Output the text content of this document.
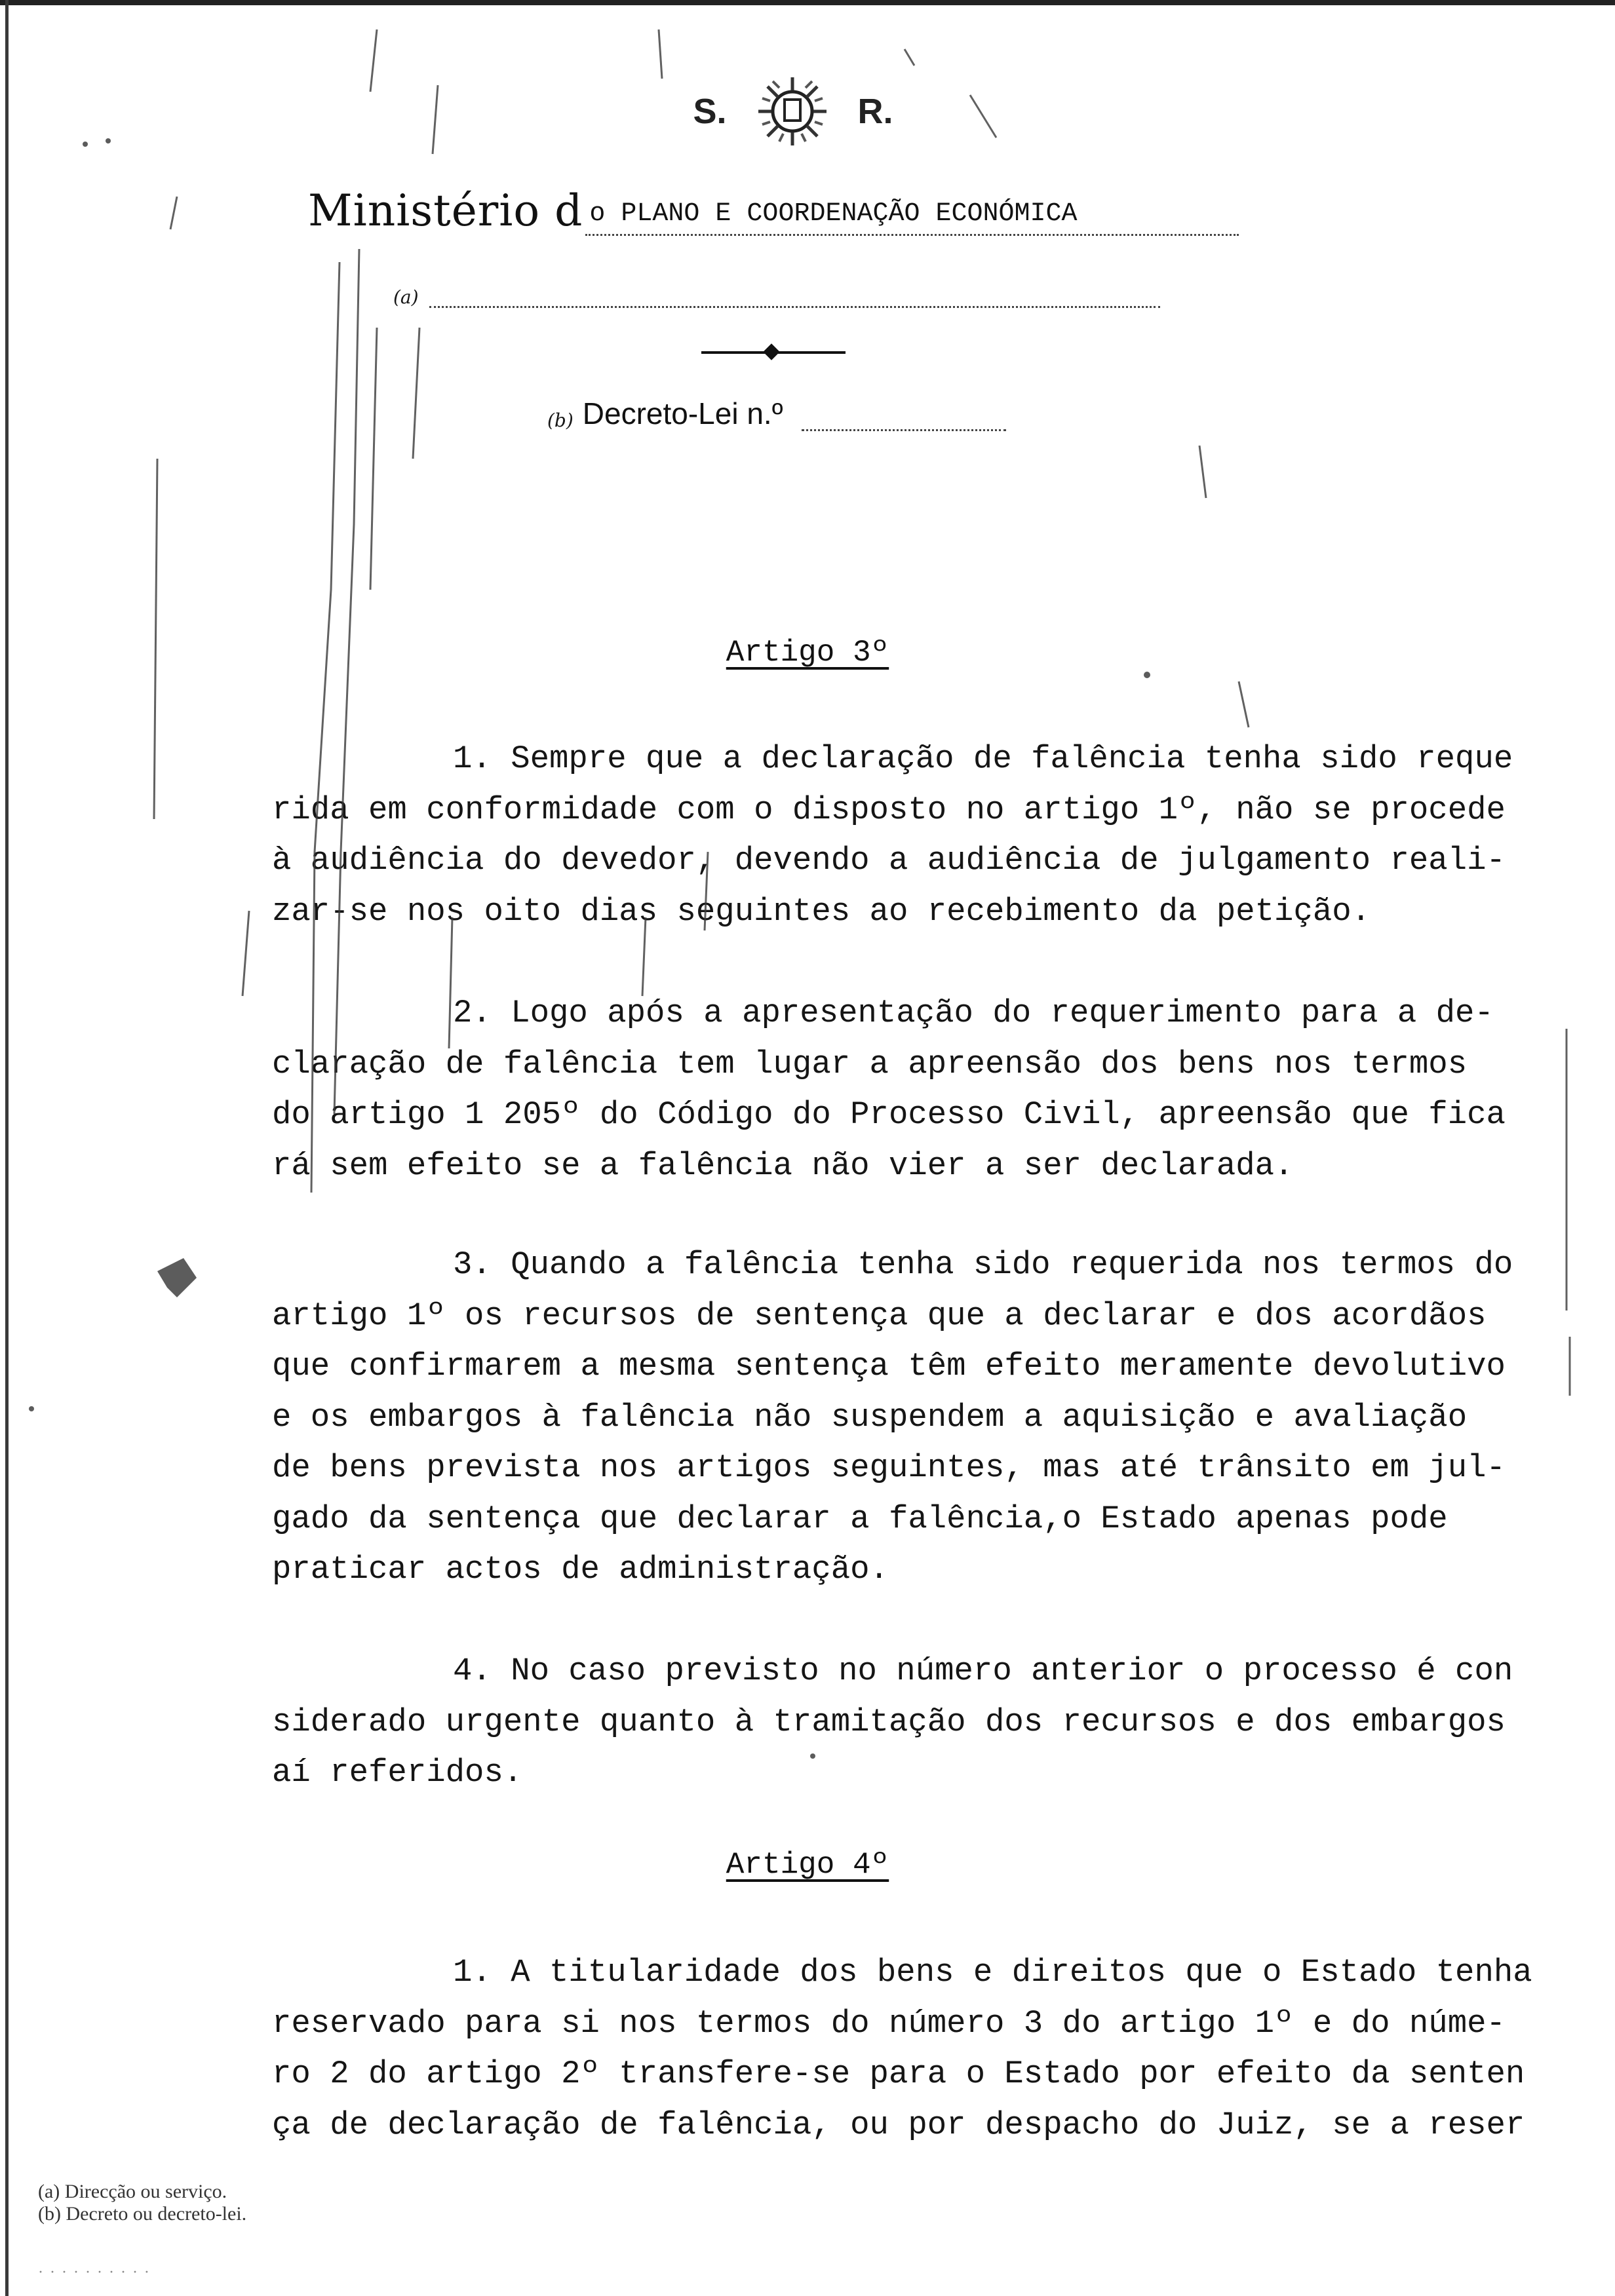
S.	R.
Ministério d o PLANO E COORDENAÇÃO ECONÓMICA
(a)
(b) Decreto-Lei n.º
Artigo 3º

1. Sempre que a declaração de falência tenha sido reque
rida em conformidade com o disposto no artigo 1º, não se procede
à audiência do devedor, devendo a audiência de julgamento reali-
zar-se nos oito dias seguintes ao recebimento da petição.

2. Logo após a apresentação do requerimento para a de-
claração de falência tem lugar a apreensão dos bens nos termos
do artigo 1 205º do Código do Processo Civil, apreensão que fica
rá sem efeito se a falência não vier a ser declarada.

3. Quando a falência tenha sido requerida nos termos do
artigo 1º os recursos de sentença que a declarar e dos acordãos
que confirmarem a mesma sentença têm efeito meramente devolutivo
e os embargos à falência não suspendem a aquisição e avaliação
de bens prevista nos artigos seguintes, mas até trânsito em jul-
gado da sentença que declarar a falência,o Estado apenas pode
praticar actos de administração.

4. No caso previsto no número anterior o processo é con
siderado urgente quanto à tramitação dos recursos e dos embargos
aí referidos.

Artigo 4º

1. A titularidade dos bens e direitos que o Estado tenha
reservado para si nos termos do número 3 do artigo 1º e do núme-
ro 2 do artigo 2º transfere-se para o Estado por efeito da senten
ça de declaração de falência, ou por despacho do Juiz, se a reser

(a) Direcção ou serviço.
(b) Decreto ou decreto-lei.
· · · · · · · · · ·
